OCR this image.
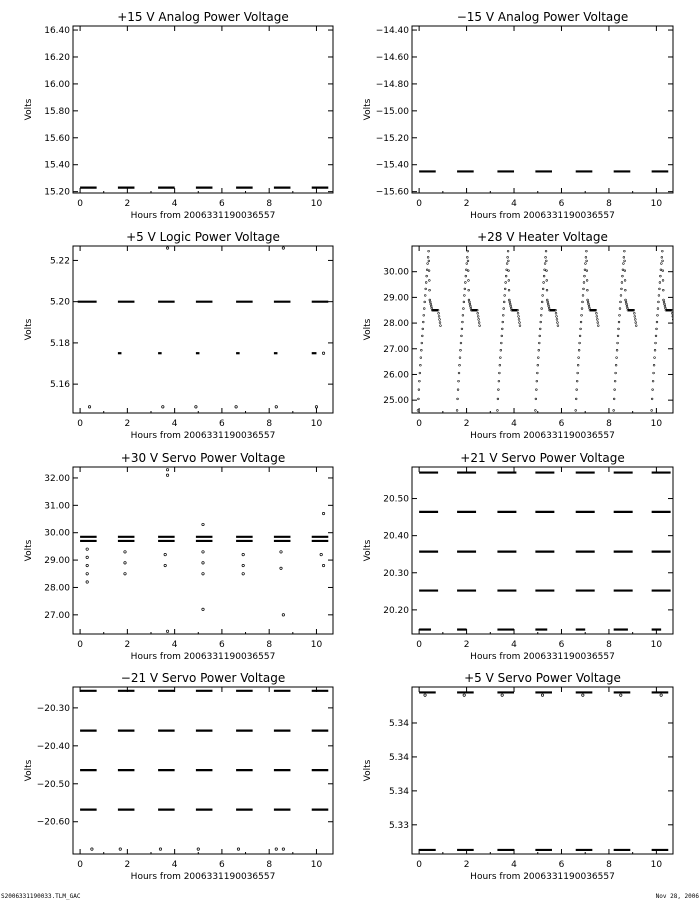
+15 V Analog Power Voltage
0	2	4	6	8	10
15.20
15.40
15.60
15.80
16.00
16.20
16.40
Hours from 2006331190036557
Volts
−15 V Analog Power Voltage
0	2	4	6	8	10
−15.60
−15.40
−15.20
−15.00
−14.80
−14.60
−14.40
Hours from 2006331190036557
Volts
+5 V Logic Power Voltage
0	2	4	6	8	10
5.16
5.18
5.20
5.22
Hours from 2006331190036557
Volts
+28 V Heater Voltage
0	2	4	6	8	10
25.00
26.00
27.00
28.00
29.00
30.00
Hours from 2006331190036557
Volts
+30 V Servo Power Voltage
0	2	4	6	8	10
27.00
28.00
29.00
30.00
31.00
32.00
Hours from 2006331190036557
Volts
+21 V Servo Power Voltage
0	2	4	6	8	10
20.20
20.30
20.40
20.50
Hours from 2006331190036557
Volts
−21 V Servo Power Voltage
0	2	4	6	8	10
−20.60
−20.50
−20.40
−20.30
Hours from 2006331190036557
Volts
+5 V Servo Power Voltage
0	2	4	6	8	10
5.33
5.34
5.34
5.34
Hours from 2006331190036557
Volts
S2006331190033.TLM_GAC	Nov 28, 2006
